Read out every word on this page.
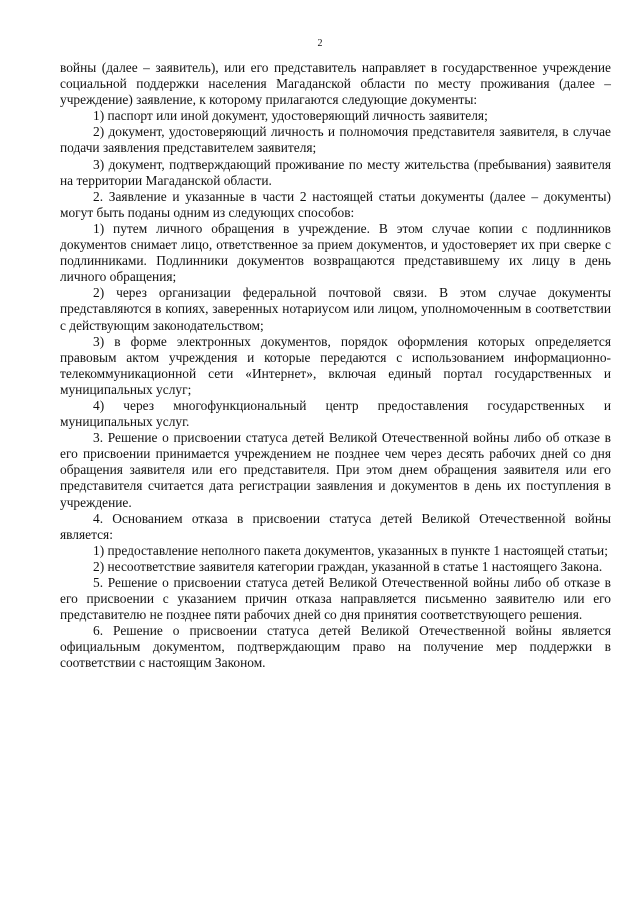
2

войны (далее – заявитель), или его представитель направляет в государственное учреждение социальной поддержки населения Магаданской области по месту проживания (далее – учреждение) заявление, к которому прилагаются следующие документы:

1) паспорт или иной документ, удостоверяющий личность заявителя;

2) документ, удостоверяющий личность и полномочия представителя заявителя, в случае подачи заявления представителем заявителя;

3) документ, подтверждающий проживание по месту жительства (пребывания) заявителя на территории Магаданской области.

2. Заявление и указанные в части 2 настоящей статьи документы (далее – документы) могут быть поданы одним из следующих способов:

1) путем личного обращения в учреждение. В этом случае копии с подлинников документов снимает лицо, ответственное за прием документов, и удостоверяет их при сверке с подлинниками. Подлинники документов возвращаются представившему их лицу в день личного обращения;

2) через организации федеральной почтовой связи. В этом случае документы представляются в копиях, заверенных нотариусом или лицом, уполномоченным в соответствии с действующим законодательством;

3) в форме электронных документов, порядок оформления которых определяется правовым актом учреждения и которые передаются с использованием информационно-телекоммуникационной сети «Интернет», включая единый портал государственных и муниципальных услуг;

4) через многофункциональный центр предоставления государственных и муниципальных услуг.

3. Решение о присвоении статуса детей Великой Отечественной войны либо об отказе в его присвоении принимается учреждением не позднее чем через десять рабочих дней со дня обращения заявителя или его представителя. При этом днем обращения заявителя или его представителя считается дата регистрации заявления и документов в день их поступления в учреждение.

4. Основанием отказа в присвоении статуса детей Великой Отечественной войны является:

1) предоставление неполного пакета документов, указанных в пункте 1 настоящей статьи;

2) несоответствие заявителя категории граждан, указанной в статье 1 настоящего Закона.

5. Решение о присвоении статуса детей Великой Отечественной войны либо об отказе в его присвоении с указанием причин отказа направляется письменно заявителю или его представителю не позднее пяти рабочих дней со дня принятия соответствующего решения.

6. Решение о присвоении статуса детей Великой Отечественной войны является официальным документом, подтверждающим право на получение мер поддержки в соответствии с настоящим Законом.
